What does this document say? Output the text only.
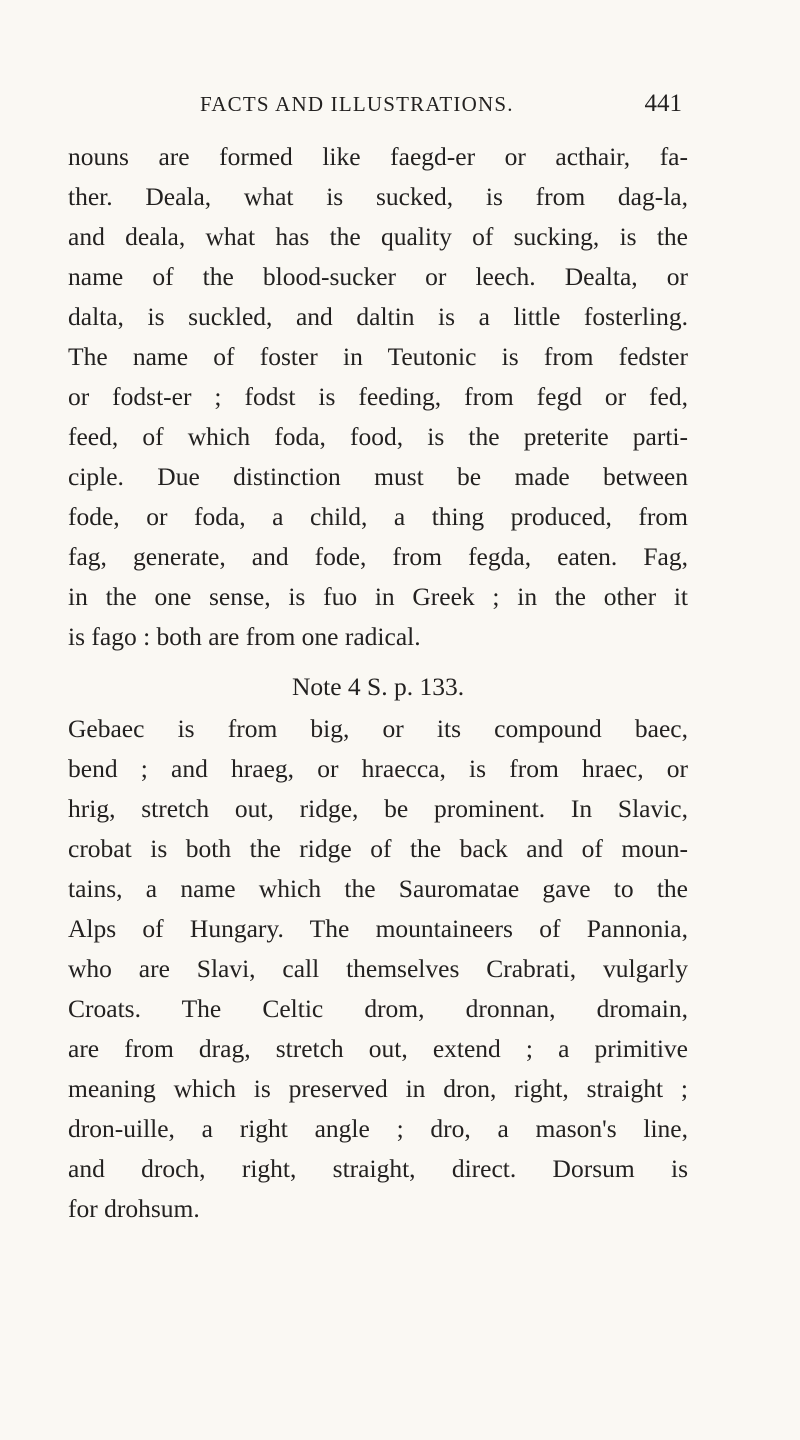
FACTS AND ILLUSTRATIONS.	441
nouns are formed like faegd-er or acthair, fa-
ther. Deala, what is sucked, is from dag-la,
and deala, what has the quality of sucking, is the
name of the blood-sucker or leech. Dealta, or
dalta, is suckled, and daltin is a little fosterling.
The name of foster in Teutonic is from fedster
or fodst-er ; fodst is feeding, from fegd or fed,
feed, of which foda, food, is the preterite parti-
ciple. Due distinction must be made between
fode, or foda, a child, a thing produced, from
fag, generate, and fode, from fegda, eaten. Fag,
in the one sense, is fuo in Greek ; in the other it
is fago : both are from one radical.
Note 4 S. p. 133.
Gebaec is from big, or its compound baec,
bend ; and hraeg, or hraecca, is from hraec, or
hrig, stretch out, ridge, be prominent. In Slavic,
crobat is both the ridge of the back and of moun-
tains, a name which the Sauromatae gave to the
Alps of Hungary. The mountaineers of Pannonia,
who are Slavi, call themselves Crabrati, vulgarly
Croats. The Celtic drom, dronnan, dromain,
are from drag, stretch out, extend ; a primitive
meaning which is preserved in dron, right, straight ;
dron-uille, a right angle ; dro, a mason's line,
and droch, right, straight, direct. Dorsum is
for drohsum.
